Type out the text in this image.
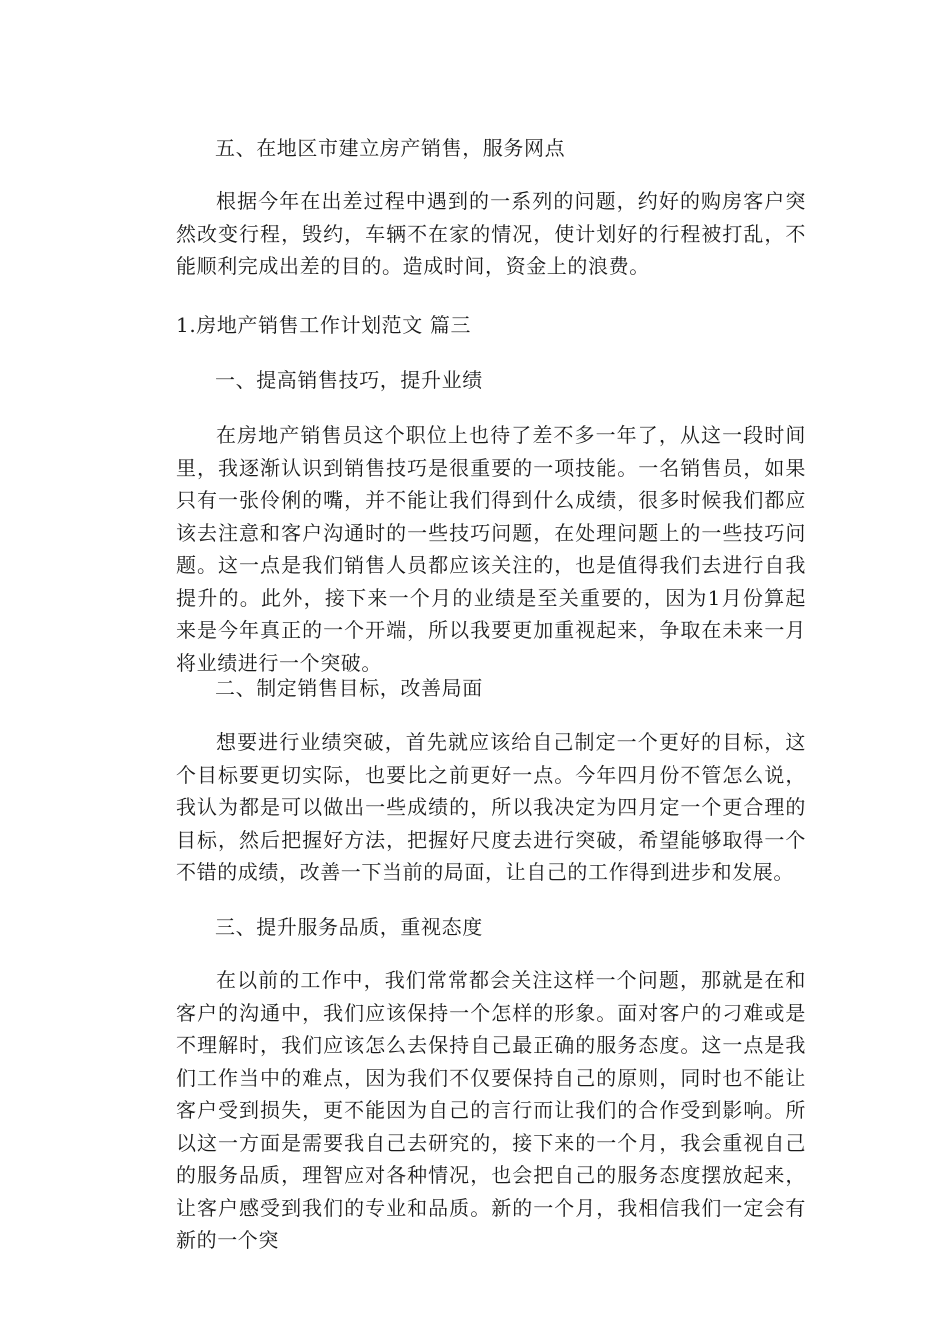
五、在地区市建立房产销售，服务网点
根据今年在出差过程中遇到的一系列的问题，约好的购房客户突然改变行程，毁约，车辆不在家的情况，使计划好的行程被打乱，不能顺利完成出差的目的。造成时间，资金上的浪费。
1.房地产销售工作计划范文 篇三
一、提高销售技巧，提升业绩
在房地产销售员这个职位上也待了差不多一年了，从这一段时间里，我逐渐认识到销售技巧是很重要的一项技能。一名销售员，如果只有一张伶俐的嘴，并不能让我们得到什么成绩，很多时候我们都应该去注意和客户沟通时的一些技巧问题，在处理问题上的一些技巧问题。这一点是我们销售人员都应该关注的，也是值得我们去进行自我提升的。此外，接下来一个月的业绩是至关重要的，因为1月份算起来是今年真正的一个开端，所以我要更加重视起来，争取在未来一月将业绩进行一个突破。
二、制定销售目标，改善局面
想要进行业绩突破，首先就应该给自己制定一个更好的目标，这个目标要更切实际，也要比之前更好一点。今年四月份不管怎么说，我认为都是可以做出一些成绩的，所以我决定为四月定一个更合理的目标，然后把握好方法，把握好尺度去进行突破，希望能够取得一个不错的成绩，改善一下当前的局面，让自己的工作得到进步和发展。
三、提升服务品质，重视态度
在以前的工作中，我们常常都会关注这样一个问题，那就是在和客户的沟通中，我们应该保持一个怎样的形象。面对客户的刁难或是不理解时，我们应该怎么去保持自己最正确的服务态度。这一点是我们工作当中的难点，因为我们不仅要保持自己的原则，同时也不能让客户受到损失，更不能因为自己的言行而让我们的合作受到影响。所以这一方面是需要我自己去研究的，接下来的一个月，我会重视自己的服务品质，理智应对各种情况，也会把自己的服务态度摆放起来，让客户感受到我们的专业和品质。新的一个月，我相信我们一定会有新的一个突
